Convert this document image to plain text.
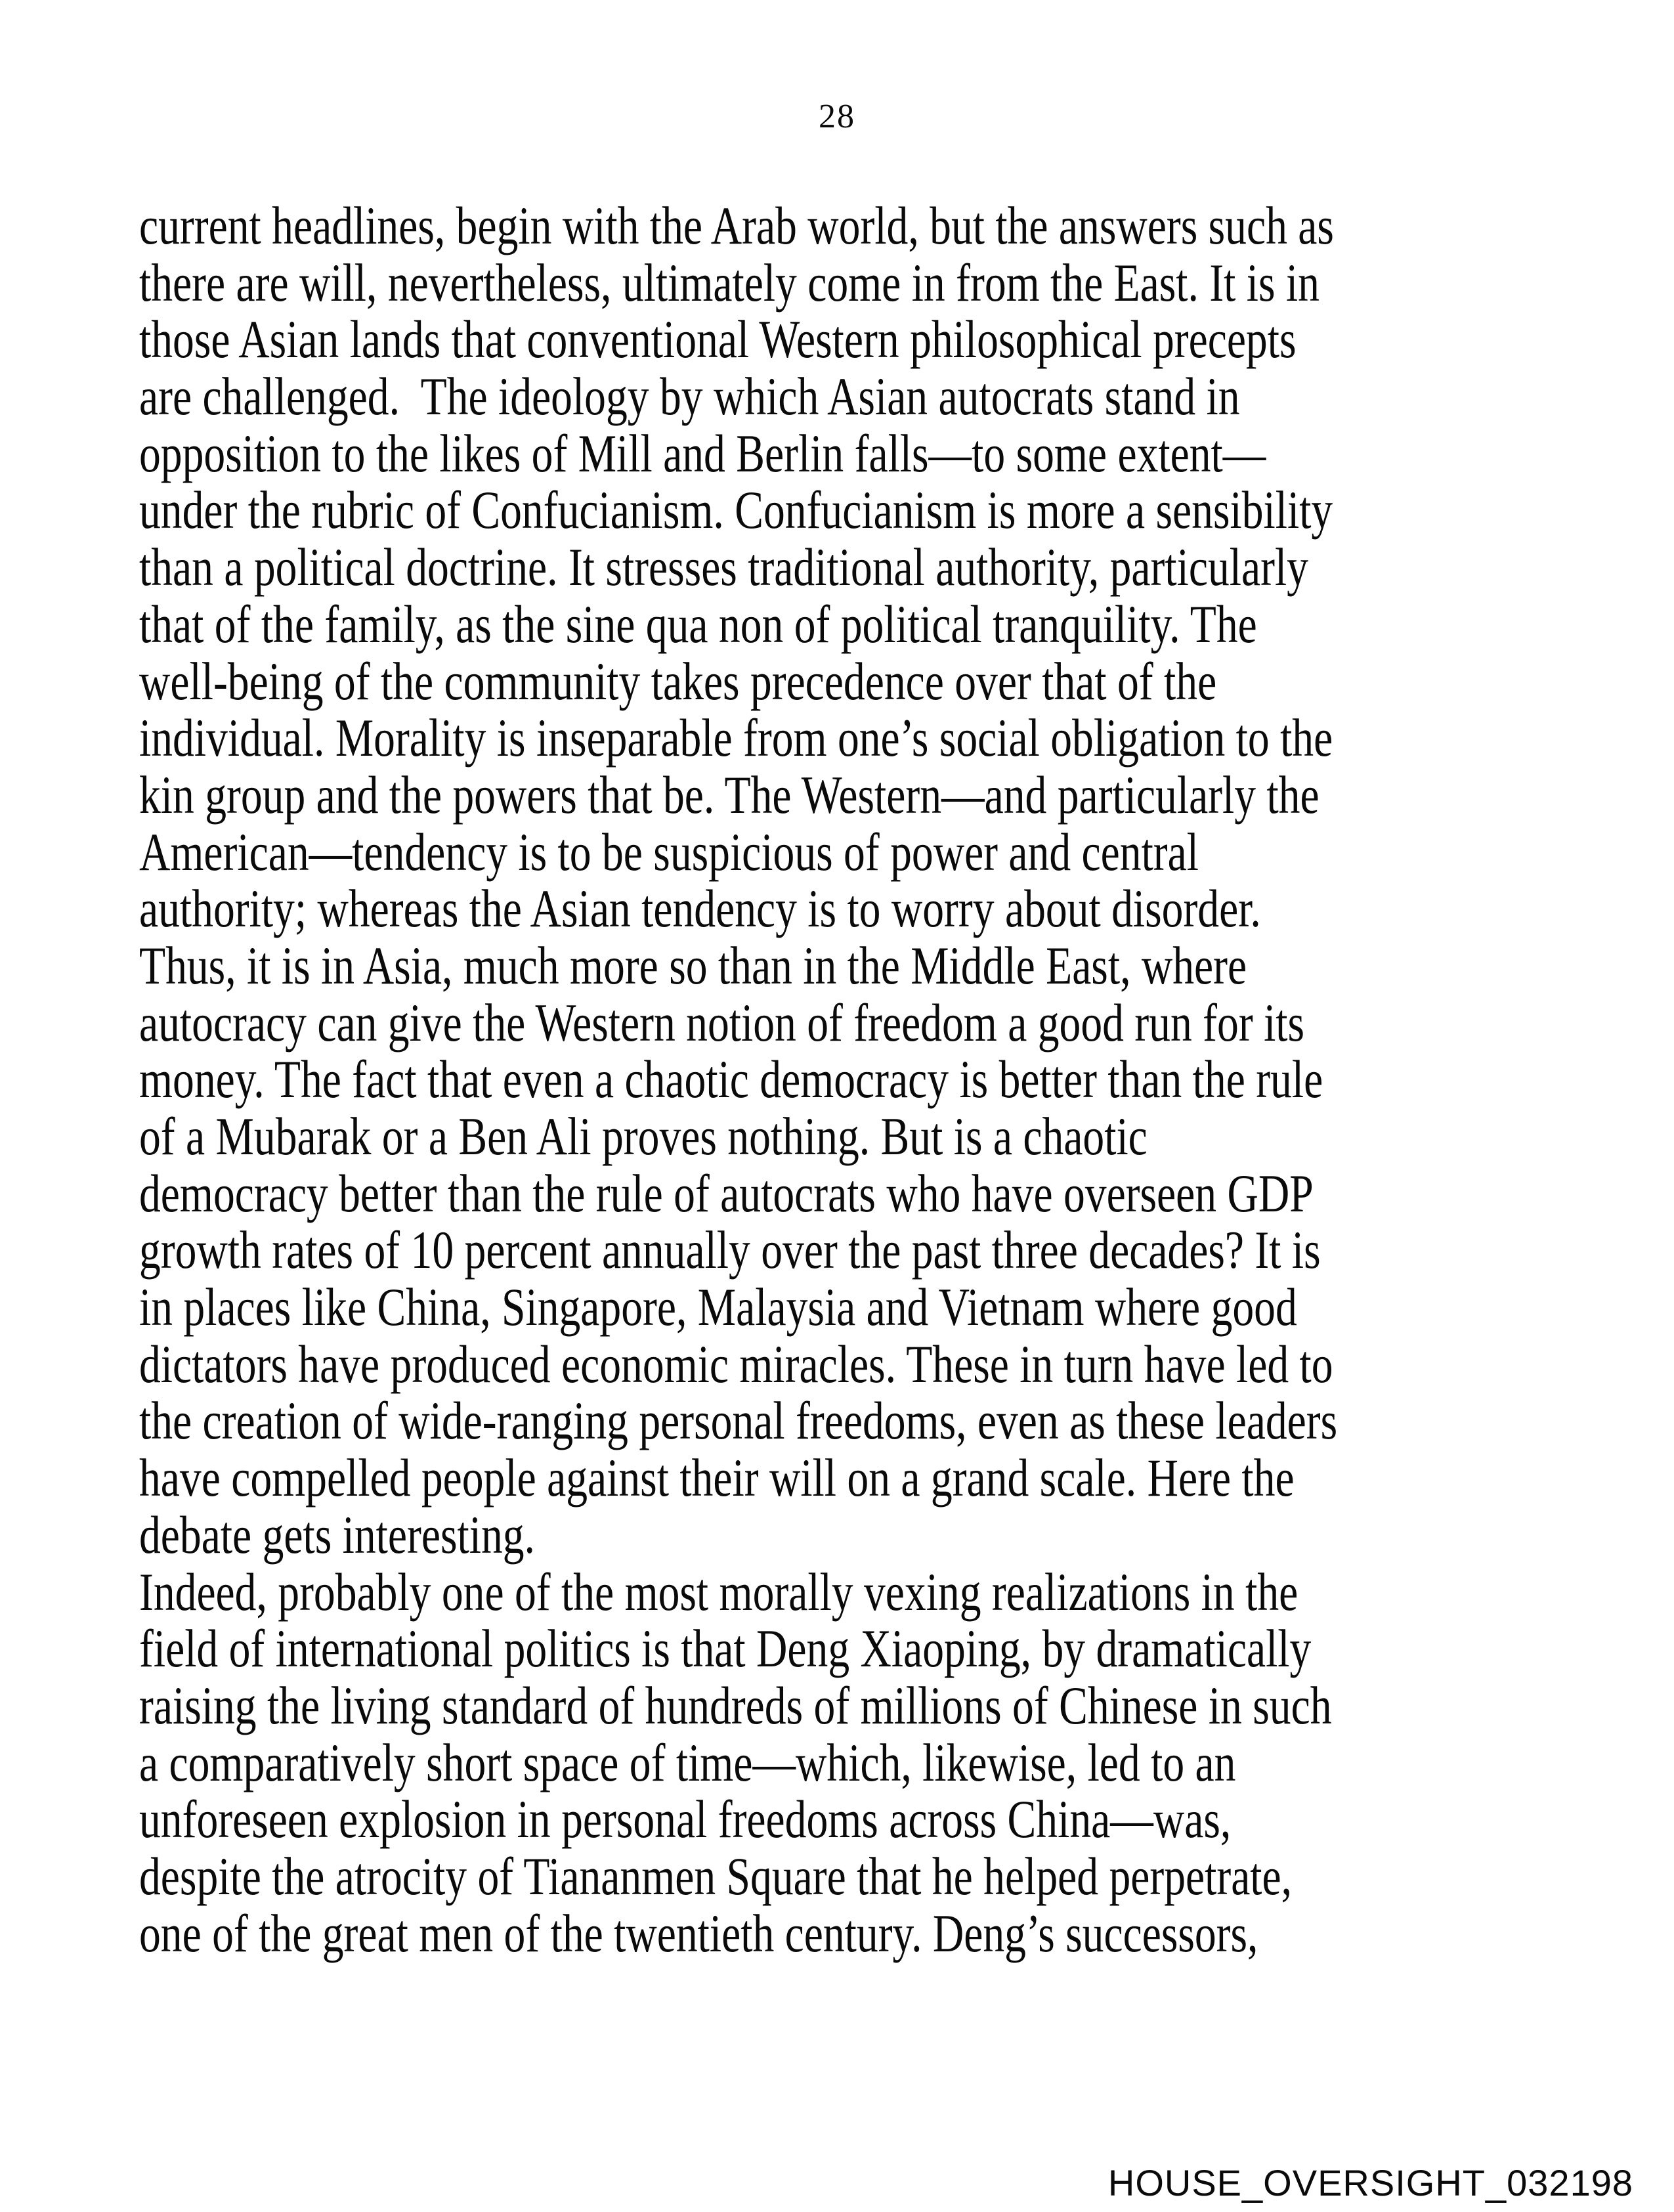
28
current headlines, begin with the Arab world, but the answers such as
there are will, nevertheless, ultimately come in from the East. It is in
those Asian lands that conventional Western philosophical precepts
are challenged.  The ideology by which Asian autocrats stand in
opposition to the likes of Mill and Berlin falls—to some extent—
under the rubric of Confucianism. Confucianism is more a sensibility
than a political doctrine. It stresses traditional authority, particularly
that of the family, as the sine qua non of political tranquility. The
well-being of the community takes precedence over that of the
individual. Morality is inseparable from one’s social obligation to the
kin group and the powers that be. The Western—and particularly the
American—tendency is to be suspicious of power and central
authority; whereas the Asian tendency is to worry about disorder.
Thus, it is in Asia, much more so than in the Middle East, where
autocracy can give the Western notion of freedom a good run for its
money. The fact that even a chaotic democracy is better than the rule
of a Mubarak or a Ben Ali proves nothing. But is a chaotic
democracy better than the rule of autocrats who have overseen GDP
growth rates of 10 percent annually over the past three decades? It is
in places like China, Singapore, Malaysia and Vietnam where good
dictators have produced economic miracles. These in turn have led to
the creation of wide-ranging personal freedoms, even as these leaders
have compelled people against their will on a grand scale. Here the
debate gets interesting.
Indeed, probably one of the most morally vexing realizations in the
field of international politics is that Deng Xiaoping, by dramatically
raising the living standard of hundreds of millions of Chinese in such
a comparatively short space of time—which, likewise, led to an
unforeseen explosion in personal freedoms across China—was,
despite the atrocity of Tiananmen Square that he helped perpetrate,
one of the great men of the twentieth century. Deng’s successors,
HOUSE_OVERSIGHT_032198
